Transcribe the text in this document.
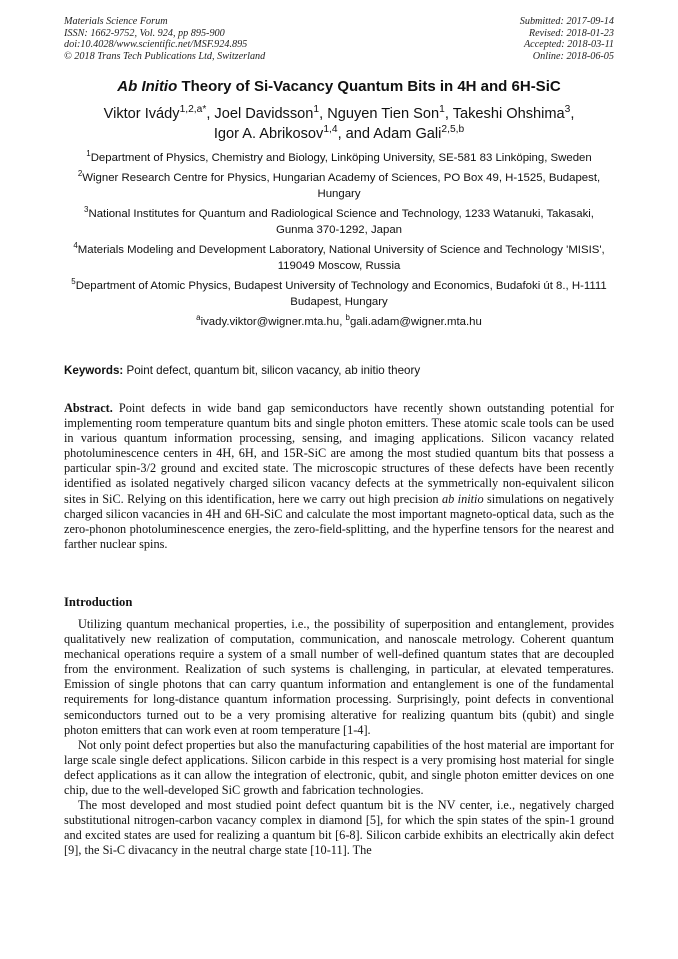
Materials Science Forum
ISSN: 1662-9752, Vol. 924, pp 895-900
doi:10.4028/www.scientific.net/MSF.924.895
© 2018 Trans Tech Publications Ltd, Switzerland
Submitted: 2017-09-14
Revised: 2018-01-23
Accepted: 2018-03-11
Online: 2018-06-05
Ab Initio Theory of Si-Vacancy Quantum Bits in 4H and 6H-SiC
Viktor Ivády$^{1,2,a*}$, Joel Davidsson$^1$, Nguyen Tien Son$^1$, Takeshi Ohshima$^3$,
Igor A. Abrikosov$^{1,4}$, and Adam Gali$^{2,5,b}$

$^1$Department of Physics, Chemistry and Biology, Linköping University, SE-581 83 Linköping, Sweden

$^2$Wigner Research Centre for Physics, Hungarian Academy of Sciences, PO Box 49, H-1525, Budapest, Hungary

$^3$National Institutes for Quantum and Radiological Science and Technology, 1233 Watanuki, Takasaki, Gunma 370-1292, Japan

$^4$Materials Modeling and Development Laboratory, National University of Science and Technology 'MISIS', 119049 Moscow, Russia

$^5$Department of Atomic Physics, Budapest University of Technology and Economics, Budafoki út 8., H-1111 Budapest, Hungary

$^a$ivady.viktor@wigner.mta.hu, $^b$gali.adam@wigner.mta.hu

Keywords: Point defect, quantum bit, silicon vacancy, ab initio theory

Abstract. Point defects in wide band gap semiconductors have recently shown outstanding potential for implementing room temperature quantum bits and single photon emitters. These atomic scale tools can be used in various quantum information processing, sensing, and imaging applications. Silicon vacancy related photoluminescence centers in 4H, 6H, and 15R-SiC are among the most studied quantum bits that possess a particular spin-3/2 ground and excited state. The microscopic structures of these defects have been recently identified as isolated negatively charged silicon vacancy defects at the symmetrically non-equivalent silicon sites in SiC. Relying on this identification, here we carry out high precision ab initio simulations on negatively charged silicon vacancies in 4H and 6H-SiC and calculate the most important magneto-optical data, such as the zero-phonon photoluminescence energies, the zero-field-splitting, and the hyperfine tensors for the nearest and farther nuclear spins.

Introduction

Utilizing quantum mechanical properties, i.e., the possibility of superposition and entanglement, provides qualitatively new realization of computation, communication, and nanoscale metrology. Coherent quantum mechanical operations require a system of a small number of well-defined quantum states that are decoupled from the environment. Realization of such systems is challenging, in particular, at elevated temperatures. Emission of single photons that can carry quantum information and entanglement is one of the fundamental requirements for long-distance quantum information processing. Surprisingly, point defects in conventional semiconductors turned out to be a very promising alterative for realizing quantum bits (qubit) and single photon emitters that can work even at room temperature [1-4].

Not only point defect properties but also the manufacturing capabilities of the host material are important for large scale single defect applications. Silicon carbide in this respect is a very promising host material for single defect applications as it can allow the integration of electronic, qubit, and single photon emitter devices on one chip, due to the well-developed SiC growth and fabrication technologies.

The most developed and most studied point defect quantum bit is the NV center, i.e., negatively charged substitutional nitrogen-carbon vacancy complex in diamond [5], for which the spin states of the spin-1 ground and excited states are used for realizing a quantum bit [6-8]. Silicon carbide exhibits an electrically akin defect [9], the Si-C divacancy in the neutral charge state [10-11]. The
